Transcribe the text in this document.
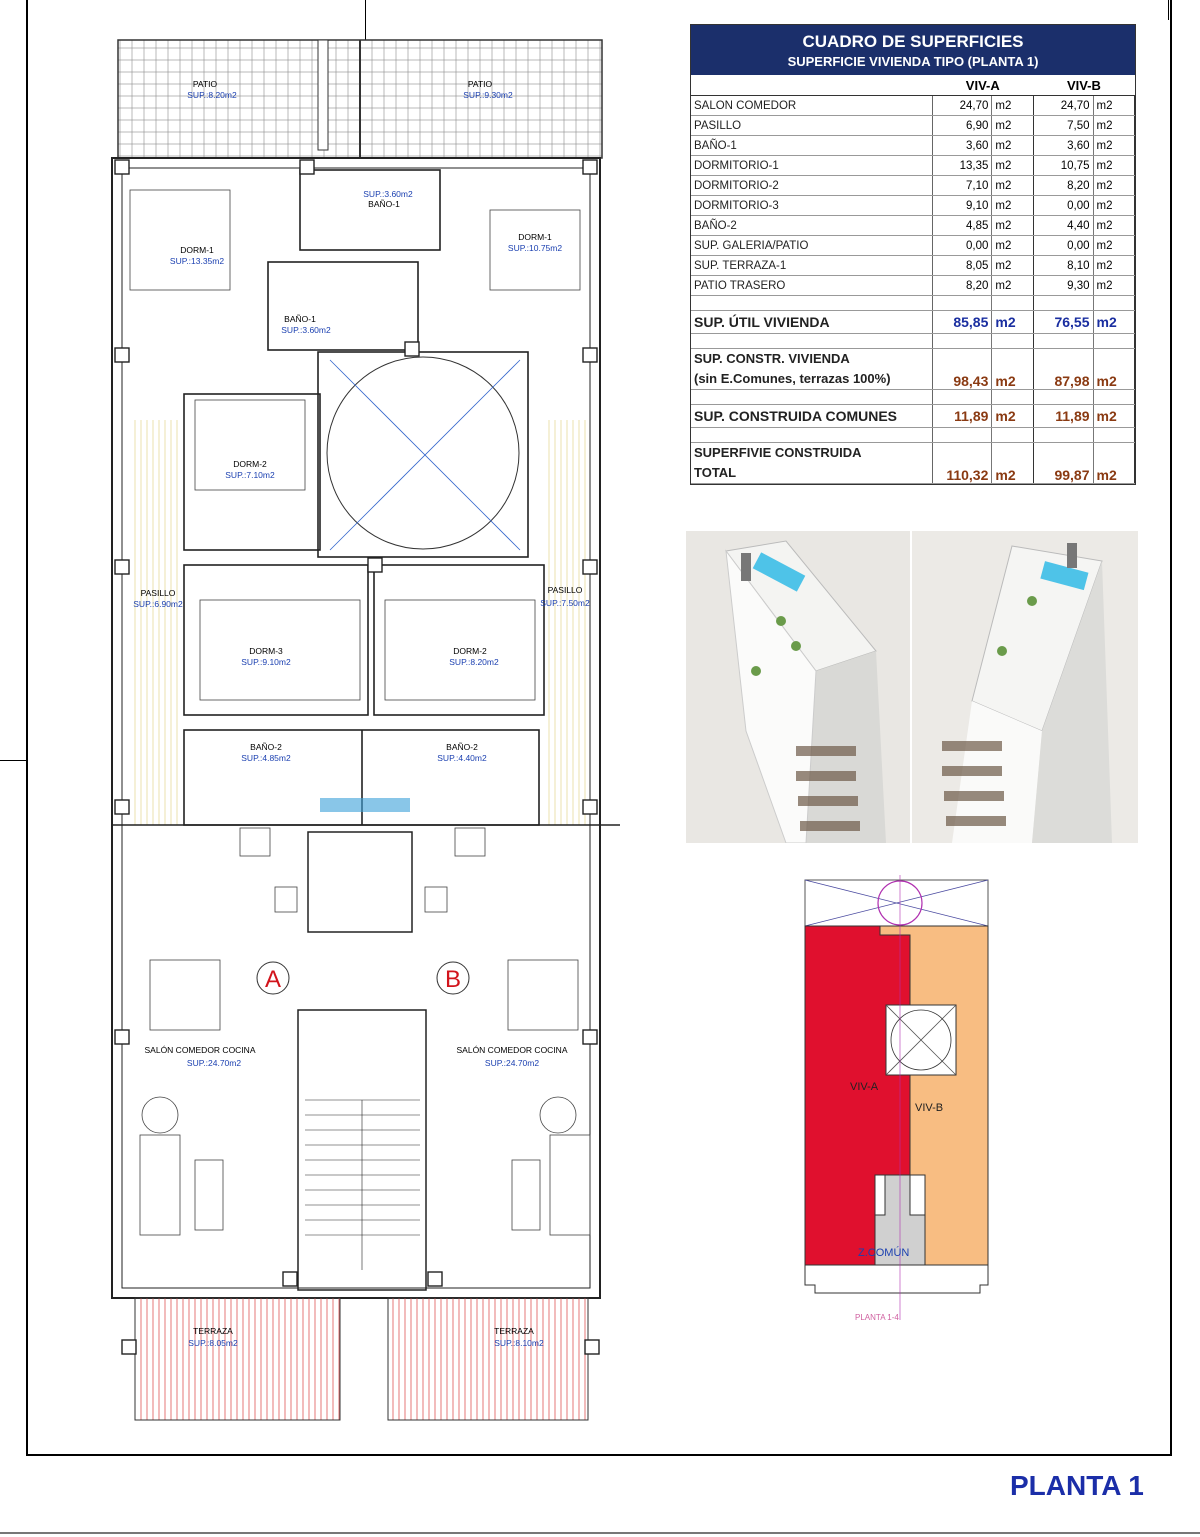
PATIO
SUP.:8.20m2
PATIO
SUP.:9.30m2
A	B
DORM-1
SUP.:13.35m2
DORM-1
SUP.:10.75m2
SUP.:3.60m2
BAÑO-1
BAÑO-1
SUP.:3.60m2
DORM-2
SUP.:7.10m2
PASILLO
SUP.:6.90m2
PASILLO
SUP.:7.50m2
DORM-3
SUP.:9.10m2
DORM-2
SUP.:8.20m2
BAÑO-2
SUP.:4.85m2
BAÑO-2
SUP.:4.40m2
SALÓN COMEDOR COCINA
SUP.:24.70m2
SALÓN COMEDOR COCINA
SUP.:24.70m2
TERRAZA
SUP.:8.05m2
TERRAZA
SUP.:8.10m2
CUADRO DE SUPERFICIES
SUPERFICIE VIVIENDA TIPO (PLANTA 1)
	VIV-A		VIV-B	
SALON COMEDOR	24,70	m2	24,70	m2
PASILLO	6,90	m2	7,50	m2
BAÑO-1	3,60	m2	3,60	m2
DORMITORIO-1	13,35	m2	10,75	m2
DORMITORIO-2	7,10	m2	8,20	m2
DORMITORIO-3	9,10	m2	0,00	m2
BAÑO-2	4,85	m2	4,40	m2
SUP. GALERIA/PATIO	0,00	m2	0,00	m2
SUP. TERRAZA-1	8,05	m2	8,10	m2
PATIO TRASERO	8,20	m2	9,30	m2

SUP. ÚTIL VIVIENDA	85,85	m2	76,55	m2

SUP. CONSTR. VIVIENDA
(sin E.Comunes, terrazas 100%)	98,43	m2	87,98	m2

SUP. CONSTRUIDA COMUNES	11,89	m2	11,89	m2

SUPERFIVIE CONSTRUIDA
TOTAL	110,32	m2	99,87	m2
VIV-A
VIV-B
Z.COMÚN
PLANTA 1-4
PLANTA 1
